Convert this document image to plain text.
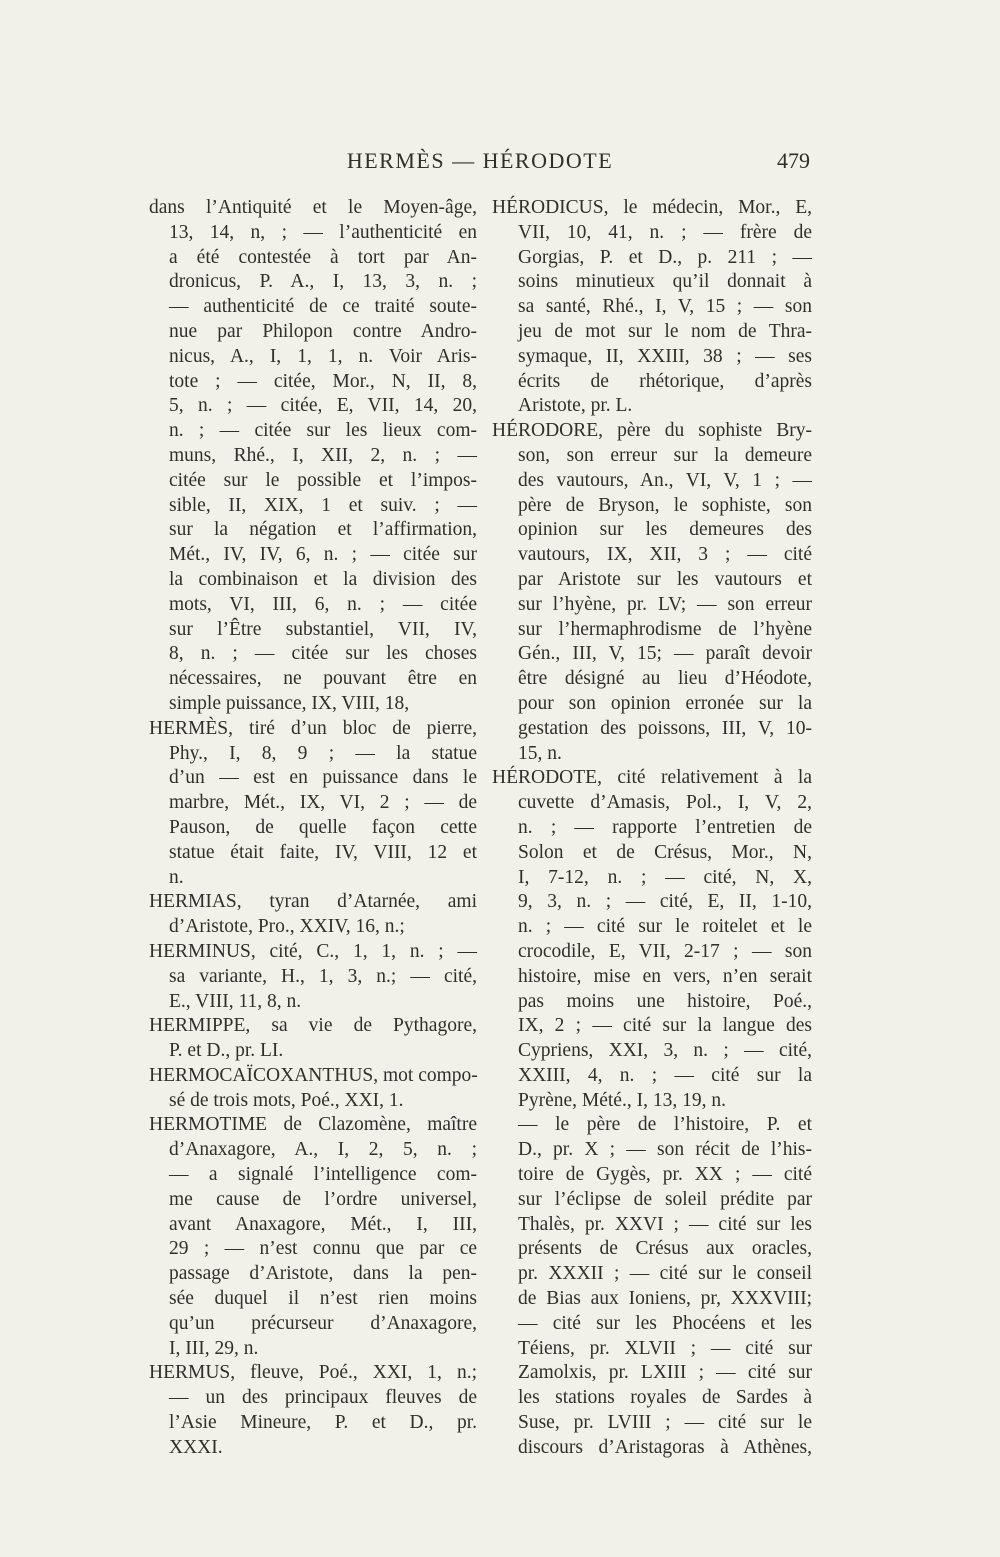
HERMÈS — HÉRODOTE	479
dans l’Antiquité et le Moyen-âge,
13, 14, n, ; — l’authenticité en
a été contestée à tort par An-
dronicus, P. A., I, 13, 3, n. ;
— authenticité de ce traité soute-
nue par Philopon contre Andro-
nicus, A., I, 1, 1, n. Voir Aris-
tote ; — citée, Mor., N, II, 8,
5, n. ; — citée, E, VII, 14, 20,
n. ; — citée sur les lieux com-
muns, Rhé., I, XII, 2, n. ; —
citée sur le possible et l’impos-
sible, II, XIX, 1 et suiv. ; —
sur la négation et l’affirmation,
Mét., IV, IV, 6, n. ; — citée sur
la combinaison et la division des
mots, VI, III, 6, n. ; — citée
sur l’Être substantiel, VII, IV,
8, n. ; — citée sur les choses
nécessaires, ne pouvant être en
simple puissance, IX, VIII, 18,
HERMÈS, tiré d’un bloc de pierre,
Phy., I, 8, 9 ; — la statue
d’un — est en puissance dans le
marbre, Mét., IX, VI, 2 ; — de
Pauson, de quelle façon cette
statue était faite, IV, VIII, 12 et
n.
HERMIAS, tyran d’Atarnée, ami
d’Aristote, Pro., XXIV, 16, n.;
HERMINUS, cité, C., 1, 1, n. ; —
sa variante, H., 1, 3, n.; — cité,
E., VIII, 11, 8, n.
HERMIPPE, sa vie de Pythagore,
P. et D., pr. LI.
HERMOCAÏCOXANTHUS, mot compo-
sé de trois mots, Poé., XXI, 1.
HERMOTIME de Clazomène, maître
d’Anaxagore, A., I, 2, 5, n. ;
— a signalé l’intelligence com-
me cause de l’ordre universel,
avant Anaxagore, Mét., I, III,
29 ; — n’est connu que par ce
passage d’Aristote, dans la pen-
sée duquel il n’est rien moins
qu’un précurseur d’Anaxagore,
I, III, 29, n.
HERMUS, fleuve, Poé., XXI, 1, n.;
— un des principaux fleuves de
l’Asie Mineure, P. et D., pr.
XXXI.
HÉRODICUS, le médecin, Mor., E,
VII, 10, 41, n. ; — frère de
Gorgias, P. et D., p. 211 ; —
soins minutieux qu’il donnait à
sa santé, Rhé., I, V, 15 ; — son
jeu de mot sur le nom de Thra-
symaque, II, XXIII, 38 ; — ses
écrits de rhétorique, d’après
Aristote, pr. L.
HÉRODORE, père du sophiste Bry-
son, son erreur sur la demeure
des vautours, An., VI, V, 1 ; —
père de Bryson, le sophiste, son
opinion sur les demeures des
vautours, IX, XII, 3 ; — cité
par Aristote sur les vautours et
sur l’hyène, pr. LV; — son erreur
sur l’hermaphrodisme de l’hyène
Gén., III, V, 15; — paraît devoir
être désigné au lieu d’Héodote,
pour son opinion erronée sur la
gestation des poissons, III, V, 10-
15, n.
HÉRODOTE, cité relativement à la
cuvette d’Amasis, Pol., I, V, 2,
n. ; — rapporte l’entretien de
Solon et de Crésus, Mor., N,
I, 7-12, n. ; — cité, N, X,
9, 3, n. ; — cité, E, II, 1-10,
n. ; — cité sur le roitelet et le
crocodile, E, VII, 2-17 ; — son
histoire, mise en vers, n’en serait
pas moins une histoire, Poé.,
IX, 2 ; — cité sur la langue des
Cypriens, XXI, 3, n. ; — cité,
XXIII, 4, n. ; — cité sur la
Pyrène, Mété., I, 13, 19, n.
— le père de l’histoire, P. et
D., pr. X ; — son récit de l’his-
toire de Gygès, pr. XX ; — cité
sur l’éclipse de soleil prédite par
Thalès, pr. XXVI ; — cité sur les
présents de Crésus aux oracles,
pr. XXXII ; — cité sur le conseil
de Bias aux Ioniens, pr, XXXVIII;
— cité sur les Phocéens et les
Téiens, pr. XLVII ; — cité sur
Zamolxis, pr. LXIII ; — cité sur
les stations royales de Sardes à
Suse, pr. LVIII ; — cité sur le
discours d’Aristagoras à Athènes,
